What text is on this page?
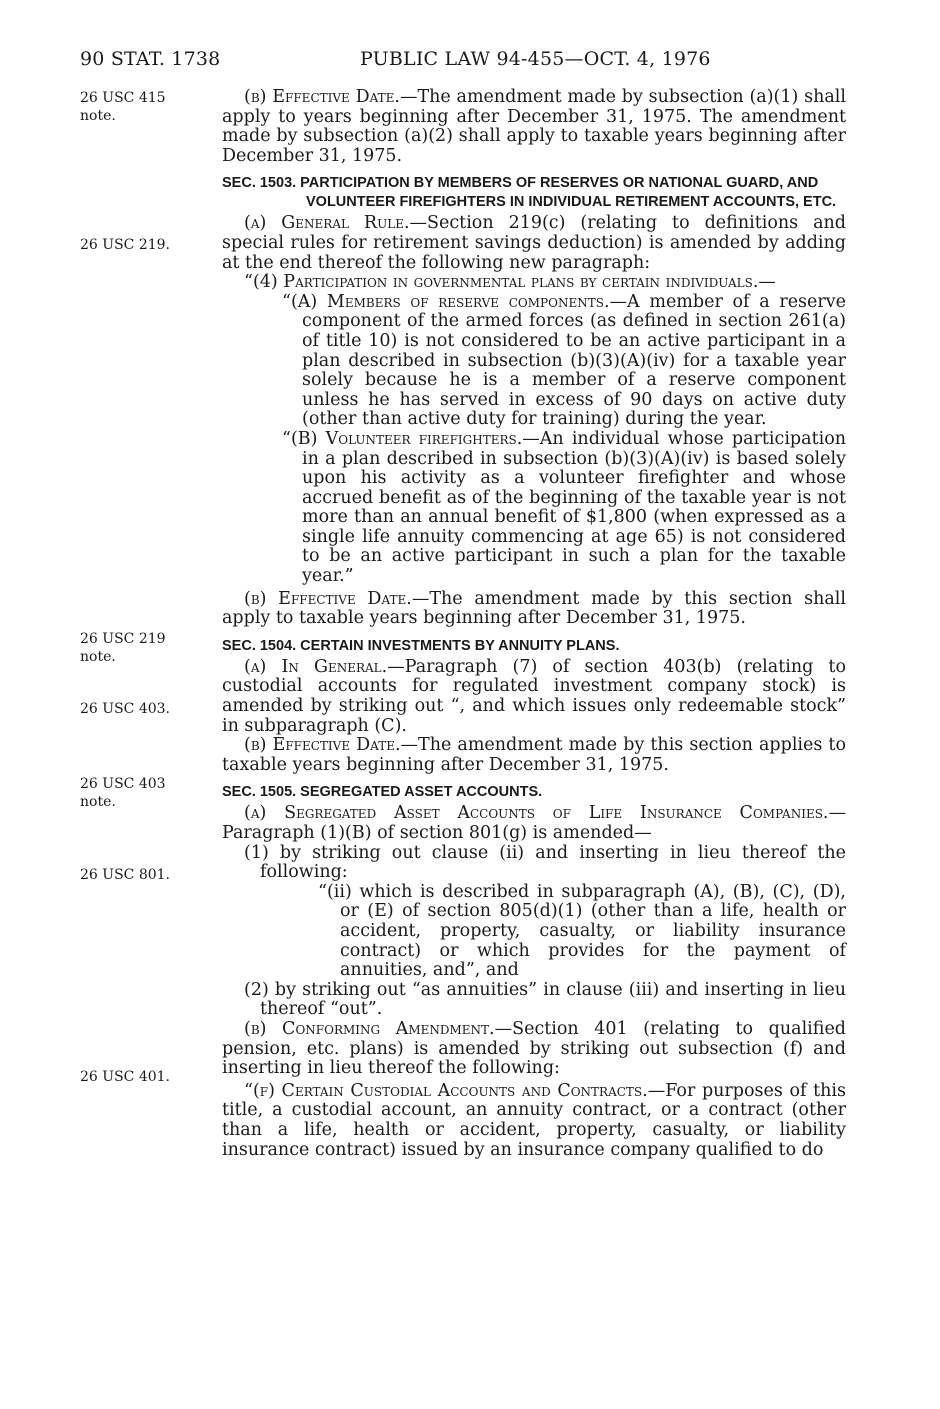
90 STAT. 1738	PUBLIC LAW 94-455—OCT. 4, 1976
26 USC 415
note.
26 USC 219.
26 USC 219
note.
26 USC 403.
26 USC 403
note.
26 USC 801.
26 USC 401.

(b) Effective Date.—The amendment made by subsection (a)(1) shall apply to years beginning after December 31, 1975. The amendment made by subsection (a)(2) shall apply to taxable years beginning after December 31, 1975.

SEC. 1503. PARTICIPATION BY MEMBERS OF RESERVES OR NATIONAL GUARD, AND VOLUNTEER FIREFIGHTERS IN INDIVIDUAL RETIREMENT ACCOUNTS, ETC.

(a) General Rule.—Section 219(c) (relating to definitions and special rules for retirement savings deduction) is amended by adding at the end thereof the following new paragraph:

“(4) Participation in governmental plans by certain individuals.—

“(A) Members of reserve components.—A member of a reserve component of the armed forces (as defined in section 261(a) of title 10) is not considered to be an active participant in a plan described in subsection (b)(3)(A)(iv) for a taxable year solely because he is a member of a reserve component unless he has served in excess of 90 days on active duty (other than active duty for training) during the year.

“(B) Volunteer firefighters.—An individual whose participation in a plan described in subsection (b)(3)(A)(iv) is based solely upon his activity as a volunteer firefighter and whose accrued benefit as of the beginning of the taxable year is not more than an annual benefit of $1,800 (when expressed as a single life annuity commencing at age 65) is not considered to be an active participant in such a plan for the taxable year.”

(b) Effective Date.—The amendment made by this section shall apply to taxable years beginning after December 31, 1975.

SEC. 1504. CERTAIN INVESTMENTS BY ANNUITY PLANS.

(a) In General.—Paragraph (7) of section 403(b) (relating to custodial accounts for regulated investment company stock) is amended by striking out “, and which issues only redeemable stock” in subparagraph (C).

(b) Effective Date.—The amendment made by this section applies to taxable years beginning after December 31, 1975.

SEC. 1505. SEGREGATED ASSET ACCOUNTS.

(a) Segregated Asset Accounts of Life Insurance Companies.—Paragraph (1)(B) of section 801(g) is amended—

(1) by striking out clause (ii) and inserting in lieu thereof the following:

“(ii) which is described in subparagraph (A), (B), (C), (D), or (E) of section 805(d)(1) (other than a life, health or accident, property, casualty, or liability insurance contract) or which provides for the payment of annuities, and”, and

(2) by striking out “as annuities” in clause (iii) and inserting in lieu thereof “out”.

(b) Conforming Amendment.—Section 401 (relating to qualified pension, etc. plans) is amended by striking out subsection (f) and inserting in lieu thereof the following:

“(f) Certain Custodial Accounts and Contracts.—For purposes of this title, a custodial account, an annuity contract, or a contract (other than a life, health or accident, property, casualty, or liability insurance contract) issued by an insurance company qualified to do
